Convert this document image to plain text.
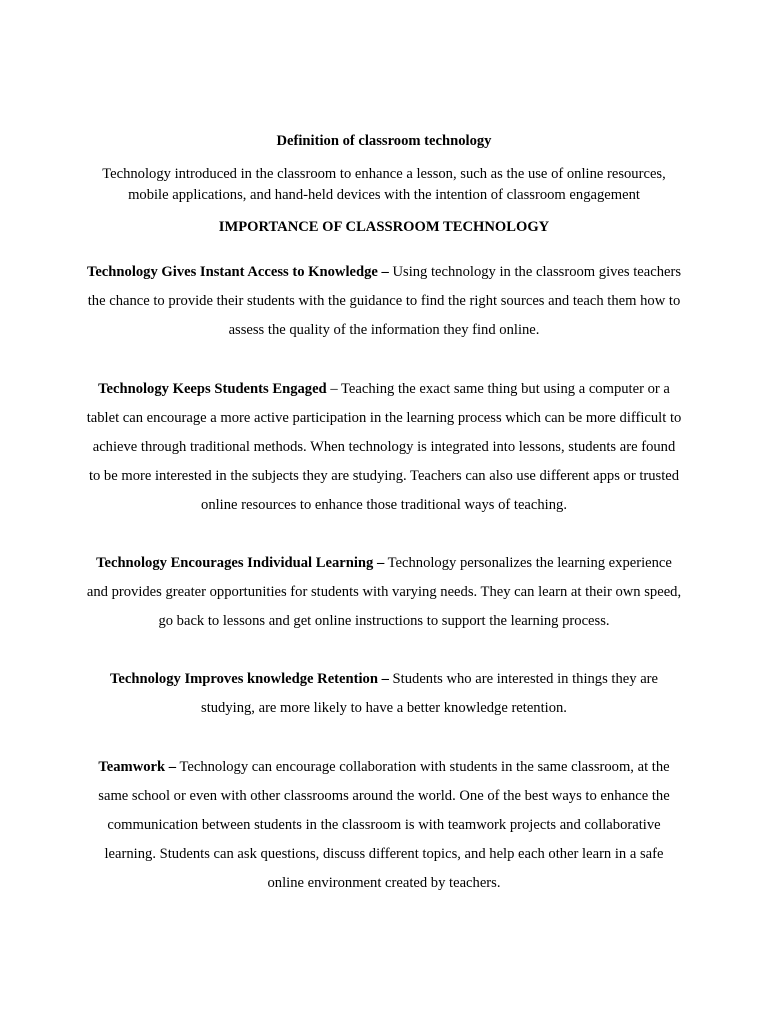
Definition of classroom technology
Technology introduced in the classroom to enhance a lesson, such as the use of online resources, mobile applications, and hand-held devices with the intention of classroom engagement
IMPORTANCE OF CLASSROOM TECHNOLOGY
Technology Gives Instant Access to Knowledge – Using technology in the classroom gives teachers the chance to provide their students with the guidance to find the right sources and teach them how to assess the quality of the information they find online.
Technology Keeps Students Engaged – Teaching the exact same thing but using a computer or a tablet can encourage a more active participation in the learning process which can be more difficult to achieve through traditional methods. When technology is integrated into lessons, students are found to be more interested in the subjects they are studying. Teachers can also use different apps or trusted online resources to enhance those traditional ways of teaching.
Technology Encourages Individual Learning – Technology personalizes the learning experience and provides greater opportunities for students with varying needs. They can learn at their own speed, go back to lessons and get online instructions to support the learning process.
Technology Improves knowledge Retention – Students who are interested in things they are studying, are more likely to have a better knowledge retention.
Teamwork – Technology can encourage collaboration with students in the same classroom, at the same school or even with other classrooms around the world. One of the best ways to enhance the communication between students in the classroom is with teamwork projects and collaborative learning. Students can ask questions, discuss different topics, and help each other learn in a safe online environment created by teachers.
